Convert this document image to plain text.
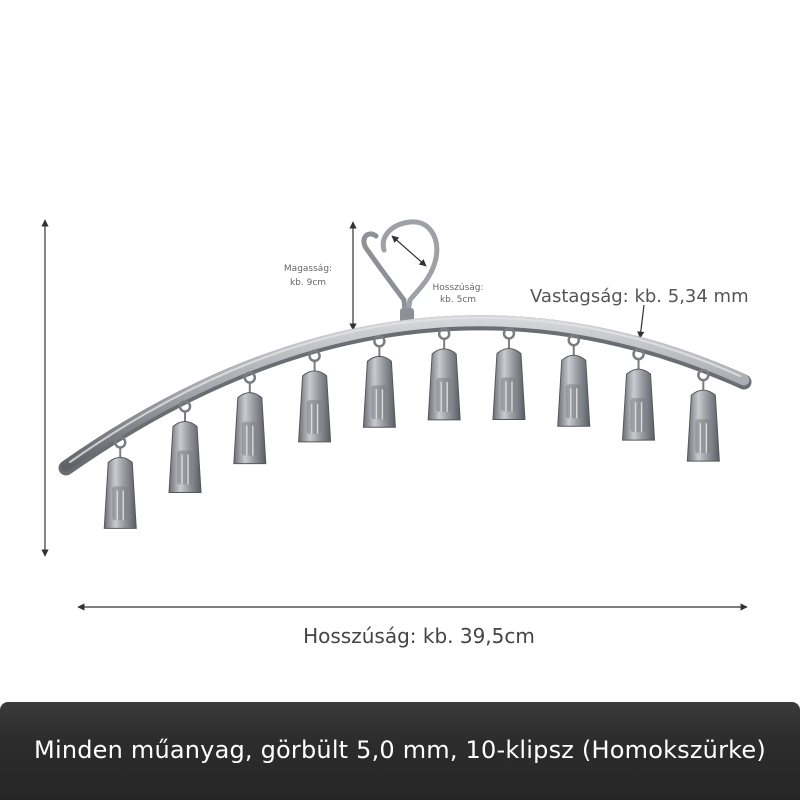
Magasság:
kb. 9cm	Hosszúság:
kb. 5cm	Vastagság: kb. 5,34 mm
Hosszúság: kb. 39,5cm
Minden műanyag, görbült 5,0 mm, 10-klipsz (Homokszürke)
